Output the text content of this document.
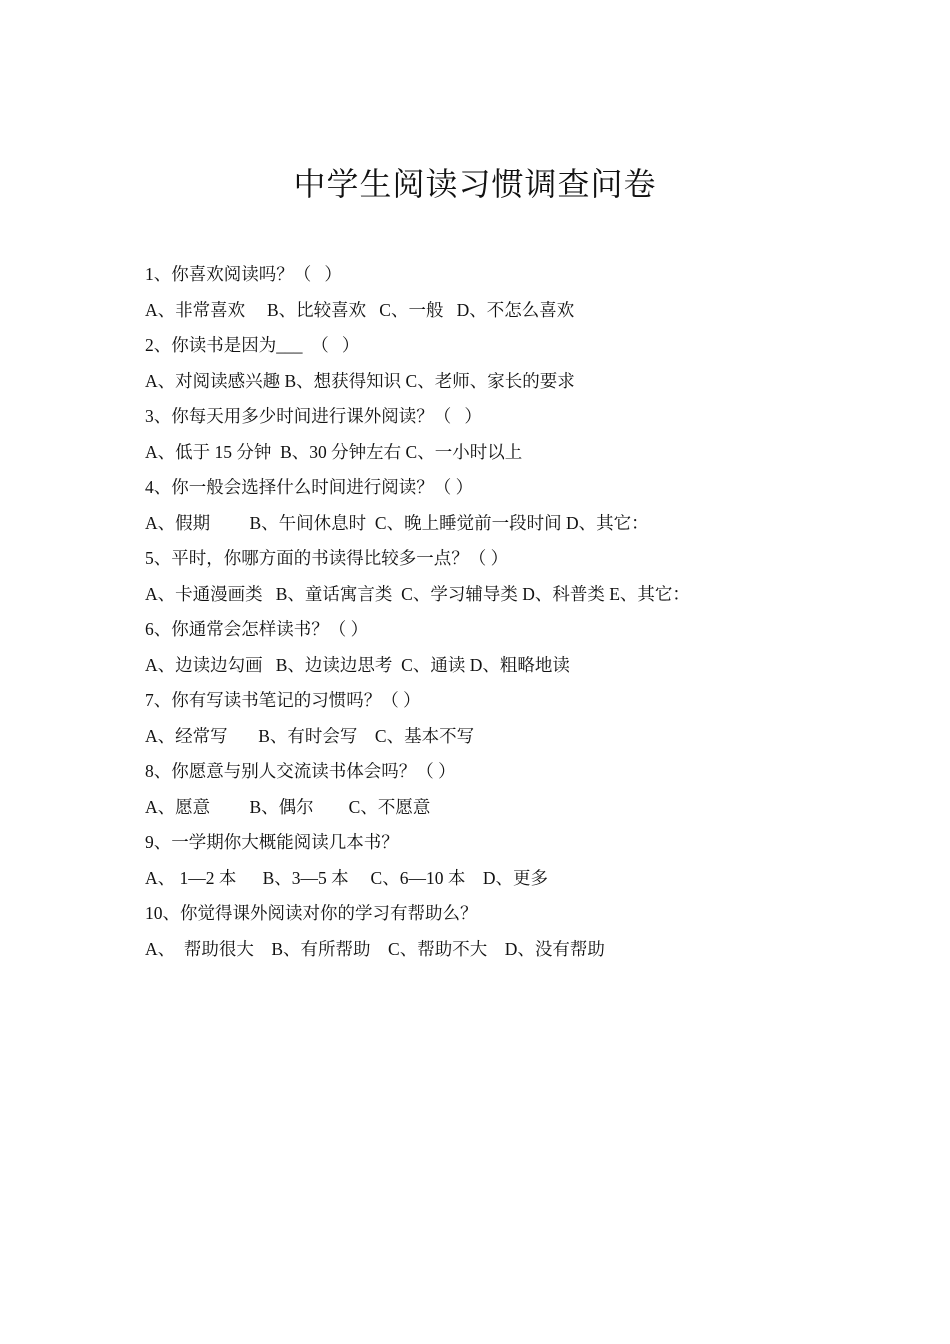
中学生阅读习惯调查问卷
1、你喜欢阅读吗？（   ）
A、非常喜欢     B、比较喜欢   C、一般   D、不怎么喜欢
2、你读书是因为___  （   ）
A、对阅读感兴趣 B、想获得知识 C、老师、家长的要求
3、你每天用多少时间进行课外阅读？（   ）
A、低于 15 分钟  B、30 分钟左右 C、一小时以上
4、你一般会选择什么时间进行阅读？（ ）
A、假期         B、午间休息时  C、晚上睡觉前一段时间 D、其它：
5、平时，你哪方面的书读得比较多一点？（ ）
A、卡通漫画类   B、童话寓言类  C、学习辅导类 D、科普类 E、其它：
6、你通常会怎样读书？（ ）
A、边读边勾画   B、边读边思考  C、通读 D、粗略地读
7、你有写读书笔记的习惯吗？（ ）
A、经常写       B、有时会写    C、基本不写
8、你愿意与别人交流读书体会吗？（ ）
A、愿意         B、偶尔        C、不愿意
9、一学期你大概能阅读几本书？
A、 1—2 本      B、3—5 本     C、6—10 本    D、更多
10、你觉得课外阅读对你的学习有帮助么？
A、  帮助很大    B、有所帮助    C、帮助不大    D、没有帮助
